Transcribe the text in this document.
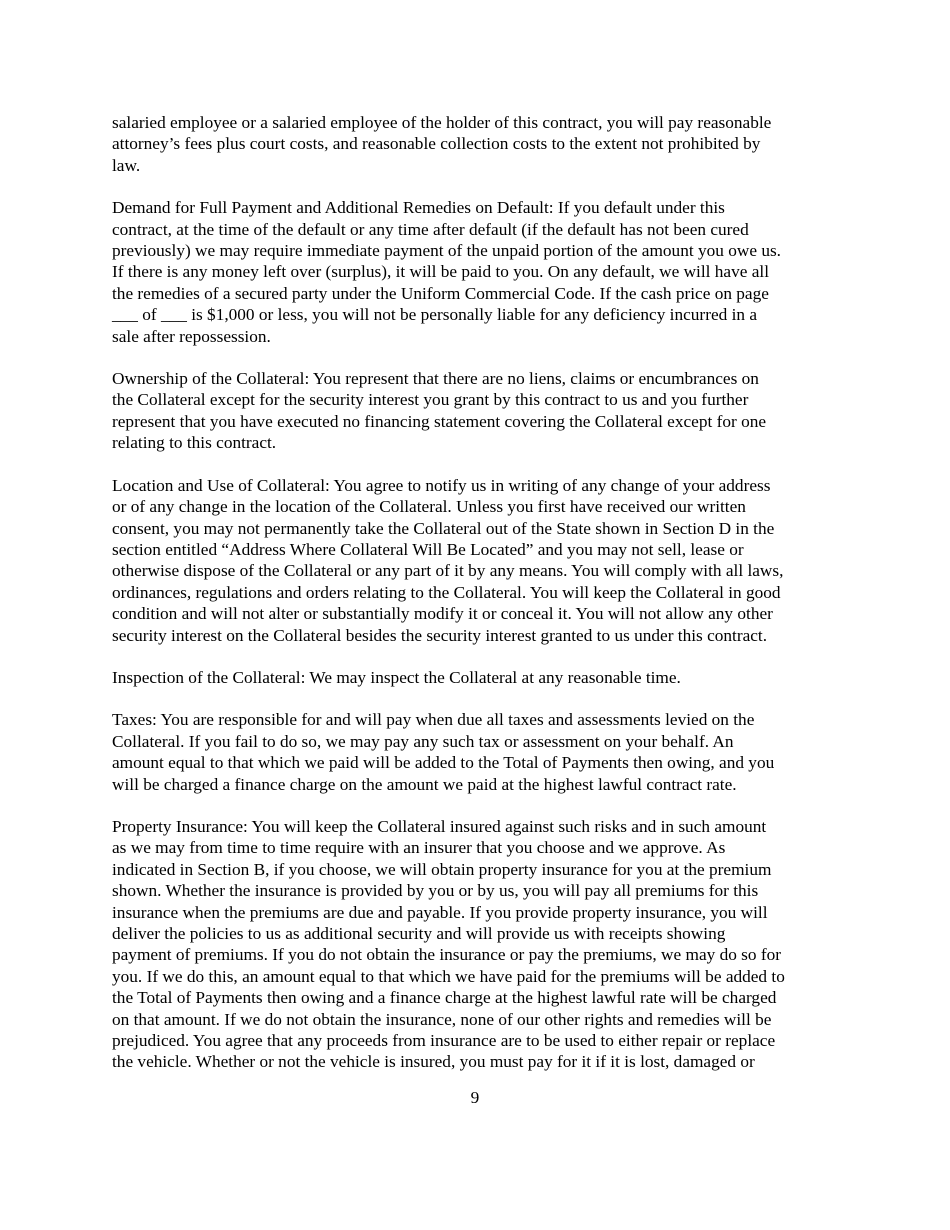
salaried employee or a salaried employee of the holder of this contract, you will pay reasonable
attorney’s fees plus court costs, and reasonable collection costs to the extent not prohibited by
law.

Demand for Full Payment and Additional Remedies on Default: If you default under this
contract, at the time of the default or any time after default (if the default has not been cured
previously) we may require immediate payment of the unpaid portion of the amount you owe us.
If there is any money left over (surplus), it will be paid to you. On any default, we will have all
the remedies of a secured party under the Uniform Commercial Code. If the cash price on page
___ of ___ is $1,000 or less, you will not be personally liable for any deficiency incurred in a
sale after repossession.

Ownership of the Collateral: You represent that there are no liens, claims or encumbrances on
the Collateral except for the security interest you grant by this contract to us and you further
represent that you have executed no financing statement covering the Collateral except for one
relating to this contract.

Location and Use of Collateral: You agree to notify us in writing of any change of your address
or of any change in the location of the Collateral. Unless you first have received our written
consent, you may not permanently take the Collateral out of the State shown in Section D in the
section entitled “Address Where Collateral Will Be Located” and you may not sell, lease or
otherwise dispose of the Collateral or any part of it by any means. You will comply with all laws,
ordinances, regulations and orders relating to the Collateral. You will keep the Collateral in good
condition and will not alter or substantially modify it or conceal it. You will not allow any other
security interest on the Collateral besides the security interest granted to us under this contract.

Inspection of the Collateral: We may inspect the Collateral at any reasonable time.

Taxes: You are responsible for and will pay when due all taxes and assessments levied on the
Collateral. If you fail to do so, we may pay any such tax or assessment on your behalf. An
amount equal to that which we paid will be added to the Total of Payments then owing, and you
will be charged a finance charge on the amount we paid at the highest lawful contract rate.

Property Insurance: You will keep the Collateral insured against such risks and in such amount
as we may from time to time require with an insurer that you choose and we approve. As
indicated in Section B, if you choose, we will obtain property insurance for you at the premium
shown. Whether the insurance is provided by you or by us, you will pay all premiums for this
insurance when the premiums are due and payable. If you provide property insurance, you will
deliver the policies to us as additional security and will provide us with receipts showing
payment of premiums. If you do not obtain the insurance or pay the premiums, we may do so for
you. If we do this, an amount equal to that which we have paid for the premiums will be added to
the Total of Payments then owing and a finance charge at the highest lawful rate will be charged
on that amount. If we do not obtain the insurance, none of our other rights and remedies will be
prejudiced. You agree that any proceeds from insurance are to be used to either repair or replace
the vehicle. Whether or not the vehicle is insured, you must pay for it if it is lost, damaged or

9
